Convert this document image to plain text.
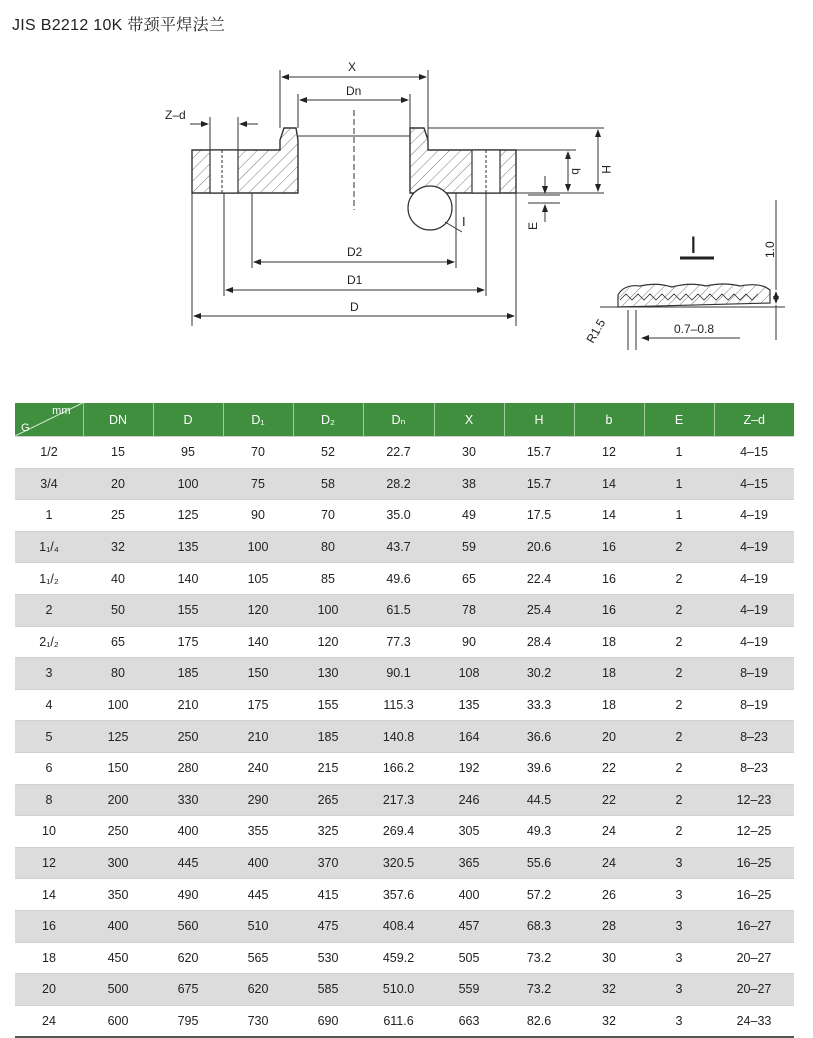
JIS B2212 10K 带颈平焊法兰
I
X
Dn
Z–d
D2
D1
D
H
b
E
I	1.0
R1.5	0.7–0.8
mm
G	DN	D	D₁	D₂	Dₙ	X	H	b	E	Z–d
1/2	15	95	70	52	22.7	30	15.7	12	1	4–15
3/4	20	100	75	58	28.2	38	15.7	14	1	4–15
1	25	125	90	70	35.0	49	17.5	14	1	4–19
1₁/₄	32	135	100	80	43.7	59	20.6	16	2	4–19
1₁/₂	40	140	105	85	49.6	65	22.4	16	2	4–19
2	50	155	120	100	61.5	78	25.4	16	2	4–19
2₁/₂	65	175	140	120	77.3	90	28.4	18	2	4–19
3	80	185	150	130	90.1	108	30.2	18	2	8–19
4	100	210	175	155	115.3	135	33.3	18	2	8–19
5	125	250	210	185	140.8	164	36.6	20	2	8–23
6	150	280	240	215	166.2	192	39.6	22	2	8–23
8	200	330	290	265	217.3	246	44.5	22	2	12–23
10	250	400	355	325	269.4	305	49.3	24	2	12–25
12	300	445	400	370	320.5	365	55.6	24	3	16–25
14	350	490	445	415	357.6	400	57.2	26	3	16–25
16	400	560	510	475	408.4	457	68.3	28	3	16–27
18	450	620	565	530	459.2	505	73.2	30	3	20–27
20	500	675	620	585	510.0	559	73.2	32	3	20–27
24	600	795	730	690	611.6	663	82.6	32	3	24–33
